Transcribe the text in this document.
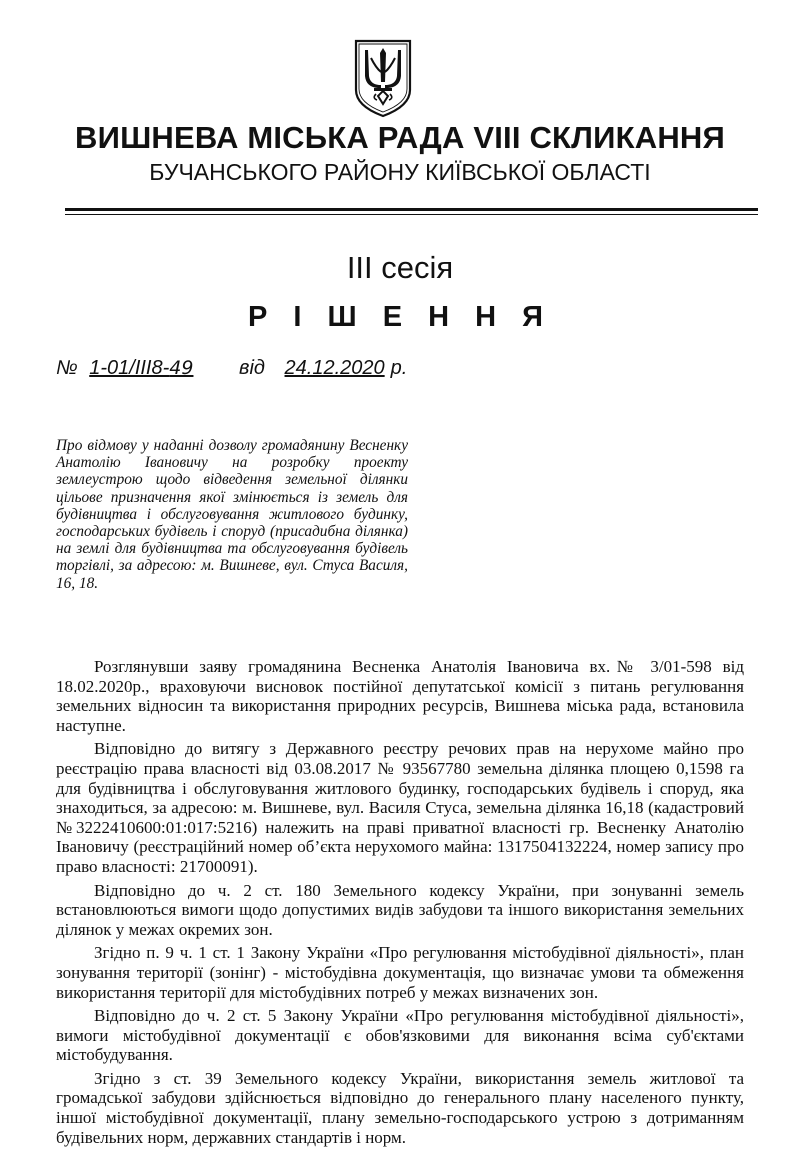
ВИШНЕВА МІСЬКА РАДА VIII СКЛИКАННЯ
БУЧАНСЬКОГО РАЙОНУ КИЇВСЬКОЇ ОБЛАСТІ
III сесія
Р І Ш Е Н Н Я
№ 1-01/ІІІ8-49 від 24.12.2020 р.
Про відмову у наданні дозволу громадянину Весненку Анатолію Івановичу на розробку проекту землеустрою щодо відведення земельної ділянки цільове призначення якої змінюється із земель для будівництва і обслуговування житлового будинку, господарських будівель і споруд (присадибна ділянка) на землі для будівництва та обслуговування будівель торгівлі, за адресою: м. Вишневе, вул. Стуса Василя, 16, 18.

Розглянувши заяву громадянина Весненка Анатолія Івановича вх.№ 3/01-598 від 18.02.2020р., враховуючи висновок постійної депутатської комісії з питань регулювання земельних відносин та використання природних ресурсів, Вишнева міська рада, встановила наступне.

Відповідно до витягу з Державного реєстру речових прав на нерухоме майно про реєстрацію права власності від 03.08.2017 № 93567780 земельна ділянка площею 0,1598 га для будівництва і обслуговування житлового будинку, господарських будівель і споруд, яка знаходиться, за адресою: м. Вишневе, вул. Василя Стуса, земельна ділянка 16,18 (кадастровий №3222410600:01:017:5216) належить на праві приватної власності гр. Весненку Анатолію Івановичу (реєстраційний номер об’єкта нерухомого майна: 1317504132224, номер запису про право власності: 21700091).

Відповідно до ч. 2 ст. 180 Земельного кодексу України, при зонуванні земель встановлюються вимоги щодо допустимих видів забудови та іншого використання земельних ділянок у межах окремих зон.

Згідно п. 9 ч. 1 ст. 1 Закону України «Про регулювання містобудівної діяльності», план зонування території (зонінг) - містобудівна документація, що визначає умови та обмеження використання території для містобудівних потреб у межах визначених зон.

Відповідно до ч. 2 ст. 5 Закону України «Про регулювання містобудівної діяльності», вимоги містобудівної документації є обов'язковими для виконання всіма суб'єктами містобудування.

Згідно з ст. 39 Земельного кодексу України, використання земель житлової та громадської забудови здійснюється відповідно до генерального плану населеного пункту, іншої містобудівної документації, плану земельно-господарського устрою з дотриманням будівельних норм, державних стандартів і норм.
